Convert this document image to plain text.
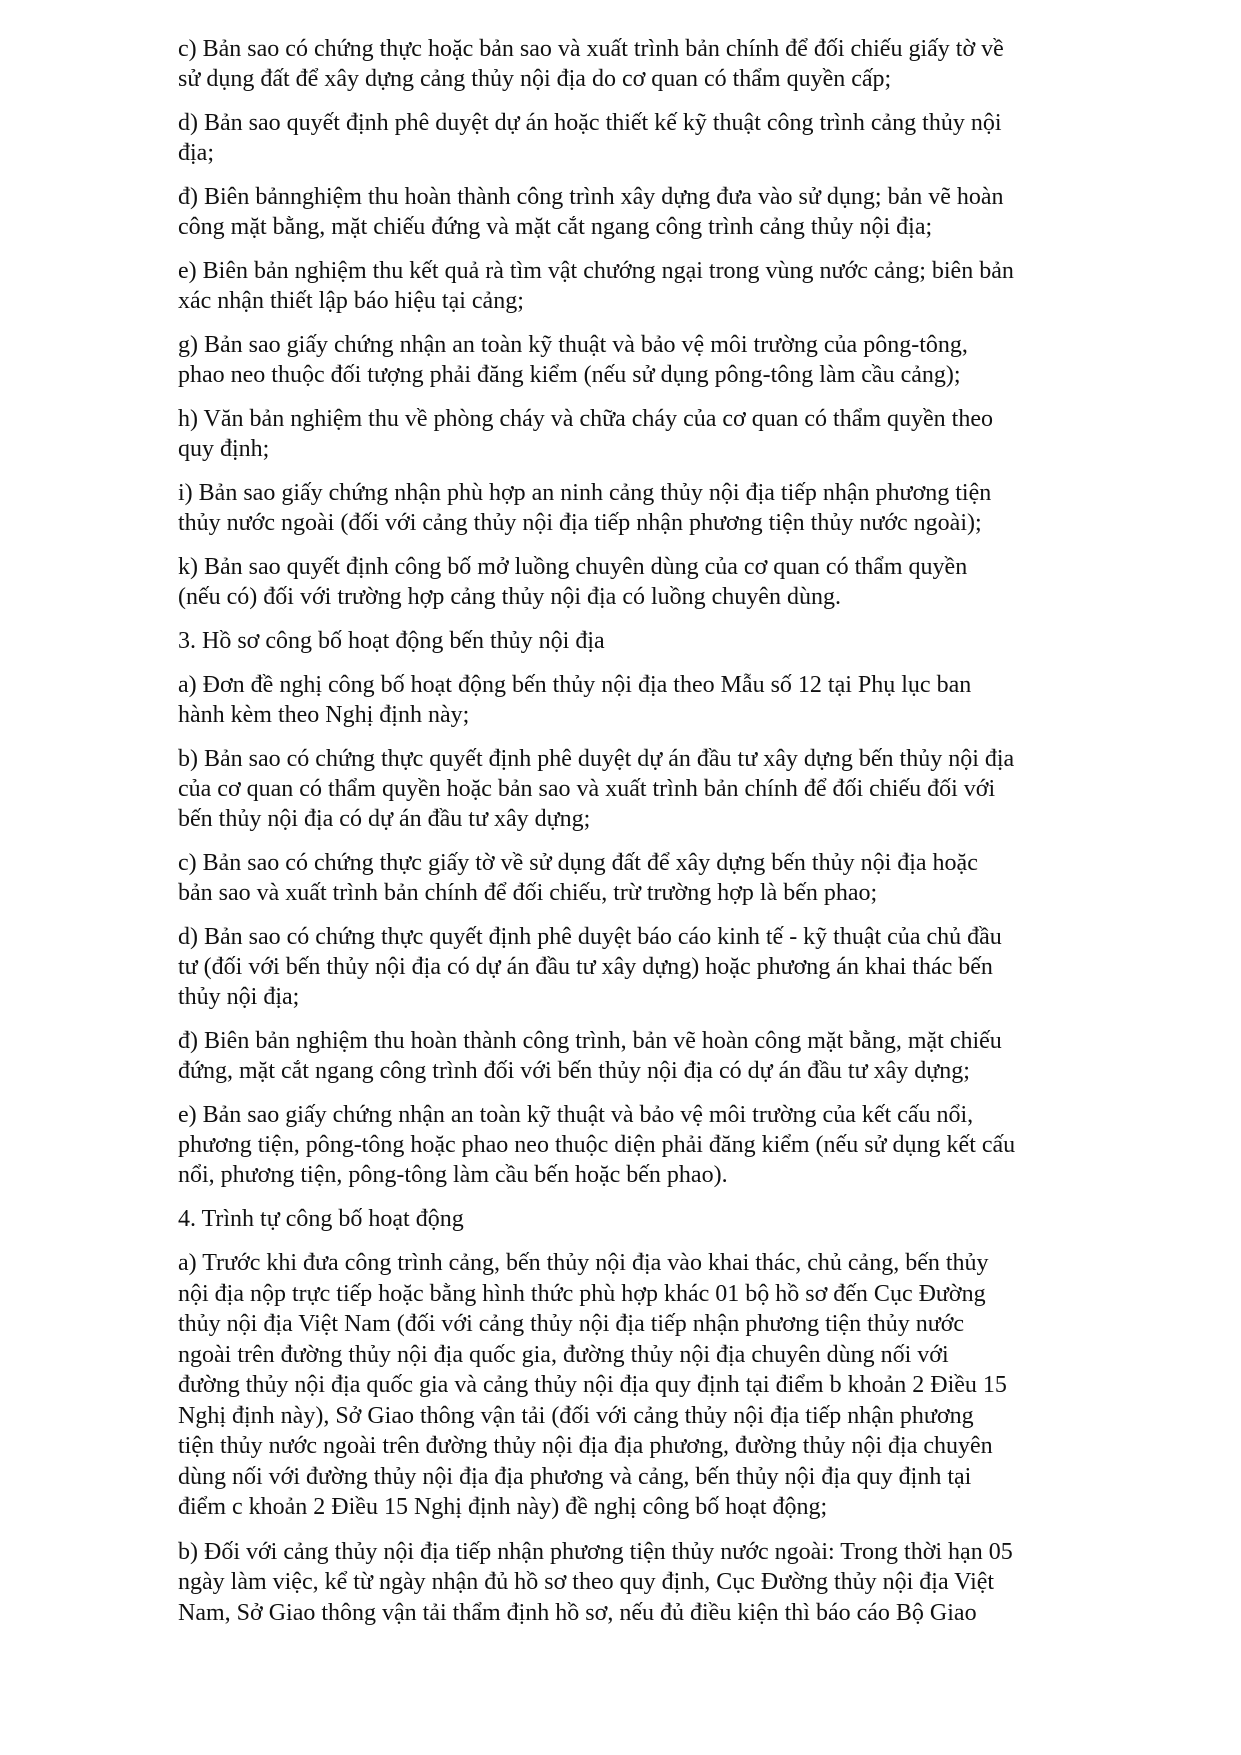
c) Bản sao có chứng thực hoặc bản sao và xuất trình bản chính để đối chiếu giấy tờ về
sử dụng đất để xây dựng cảng thủy nội địa do cơ quan có thẩm quyền cấp;

d) Bản sao quyết định phê duyệt dự án hoặc thiết kế kỹ thuật công trình cảng thủy nội
địa;

đ) Biên bảnnghiệm thu hoàn thành công trình xây dựng đưa vào sử dụng; bản vẽ hoàn
công mặt bằng, mặt chiếu đứng và mặt cắt ngang công trình cảng thủy nội địa;

e) Biên bản nghiệm thu kết quả rà tìm vật chướng ngại trong vùng nước cảng; biên bản
xác nhận thiết lập báo hiệu tại cảng;

g) Bản sao giấy chứng nhận an toàn kỹ thuật và bảo vệ môi trường của pông-tông,
phao neo thuộc đối tượng phải đăng kiểm (nếu sử dụng pông-tông làm cầu cảng);

h) Văn bản nghiệm thu về phòng cháy và chữa cháy của cơ quan có thẩm quyền theo
quy định;

i) Bản sao giấy chứng nhận phù hợp an ninh cảng thủy nội địa tiếp nhận phương tiện
thủy nước ngoài (đối với cảng thủy nội địa tiếp nhận phương tiện thủy nước ngoài);

k) Bản sao quyết định công bố mở luồng chuyên dùng của cơ quan có thẩm quyền
(nếu có) đối với trường hợp cảng thủy nội địa có luồng chuyên dùng.

3. Hồ sơ công bố hoạt động bến thủy nội địa

a) Đơn đề nghị công bố hoạt động bến thủy nội địa theo Mẫu số 12 tại Phụ lục ban
hành kèm theo Nghị định này;

b) Bản sao có chứng thực quyết định phê duyệt dự án đầu tư xây dựng bến thủy nội địa
của cơ quan có thẩm quyền hoặc bản sao và xuất trình bản chính để đối chiếu đối với
bến thủy nội địa có dự án đầu tư xây dựng;

c) Bản sao có chứng thực giấy tờ về sử dụng đất để xây dựng bến thủy nội địa hoặc
bản sao và xuất trình bản chính để đối chiếu, trừ trường hợp là bến phao;

d) Bản sao có chứng thực quyết định phê duyệt báo cáo kinh tế - kỹ thuật của chủ đầu
tư (đối với bến thủy nội địa có dự án đầu tư xây dựng) hoặc phương án khai thác bến
thủy nội địa;

đ) Biên bản nghiệm thu hoàn thành công trình, bản vẽ hoàn công mặt bằng, mặt chiếu
đứng, mặt cắt ngang công trình đối với bến thủy nội địa có dự án đầu tư xây dựng;

e) Bản sao giấy chứng nhận an toàn kỹ thuật và bảo vệ môi trường của kết cấu nổi,
phương tiện, pông-tông hoặc phao neo thuộc diện phải đăng kiểm (nếu sử dụng kết cấu
nổi, phương tiện, pông-tông làm cầu bến hoặc bến phao).

4. Trình tự công bố hoạt động

a) Trước khi đưa công trình cảng, bến thủy nội địa vào khai thác, chủ cảng, bến thủy
nội địa nộp trực tiếp hoặc bằng hình thức phù hợp khác 01 bộ hồ sơ đến Cục Đường
thủy nội địa Việt Nam (đối với cảng thủy nội địa tiếp nhận phương tiện thủy nước
ngoài trên đường thủy nội địa quốc gia, đường thủy nội địa chuyên dùng nối với
đường thủy nội địa quốc gia và cảng thủy nội địa quy định tại điểm b khoản 2 Điều 15
Nghị định này), Sở Giao thông vận tải (đối với cảng thủy nội địa tiếp nhận phương
tiện thủy nước ngoài trên đường thủy nội địa địa phương, đường thủy nội địa chuyên
dùng nối với đường thủy nội địa địa phương và cảng, bến thủy nội địa quy định tại
điểm c khoản 2 Điều 15 Nghị định này) đề nghị công bố hoạt động;

b) Đối với cảng thủy nội địa tiếp nhận phương tiện thủy nước ngoài: Trong thời hạn 05
ngày làm việc, kể từ ngày nhận đủ hồ sơ theo quy định, Cục Đường thủy nội địa Việt
Nam, Sở Giao thông vận tải thẩm định hồ sơ, nếu đủ điều kiện thì báo cáo Bộ Giao
